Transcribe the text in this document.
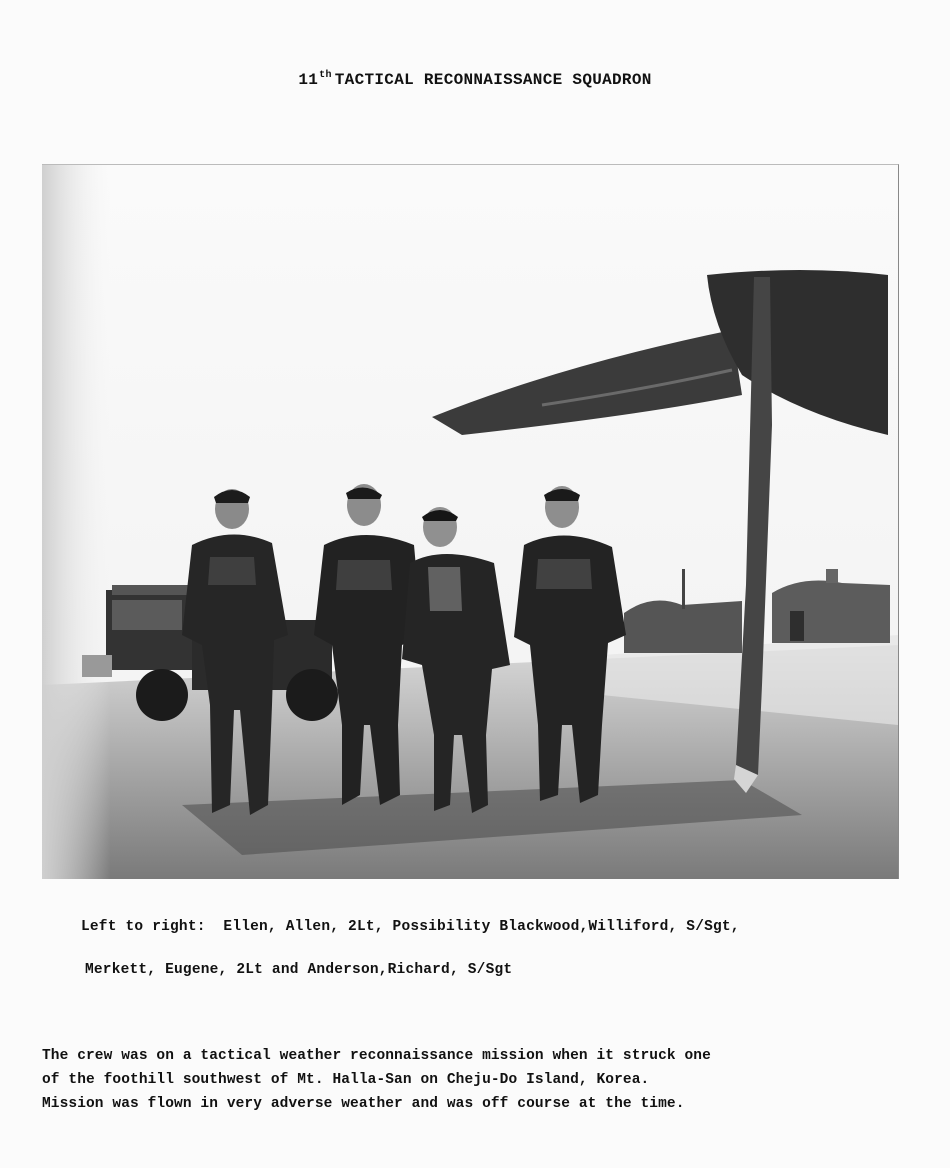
11th TACTICAL RECONNAISSANCE SQUADRON
Left to right:  Ellen, Allen, 2Lt, Possibility Blackwood,Williford, S/Sgt,
Merkett, Eugene, 2Lt and Anderson,Richard, S/Sgt
The crew was on a tactical weather reconnaissance mission when it struck one
of the foothill southwest of Mt. Halla-San on Cheju-Do Island, Korea.
Mission was flown in very adverse weather and was off course at the time.
